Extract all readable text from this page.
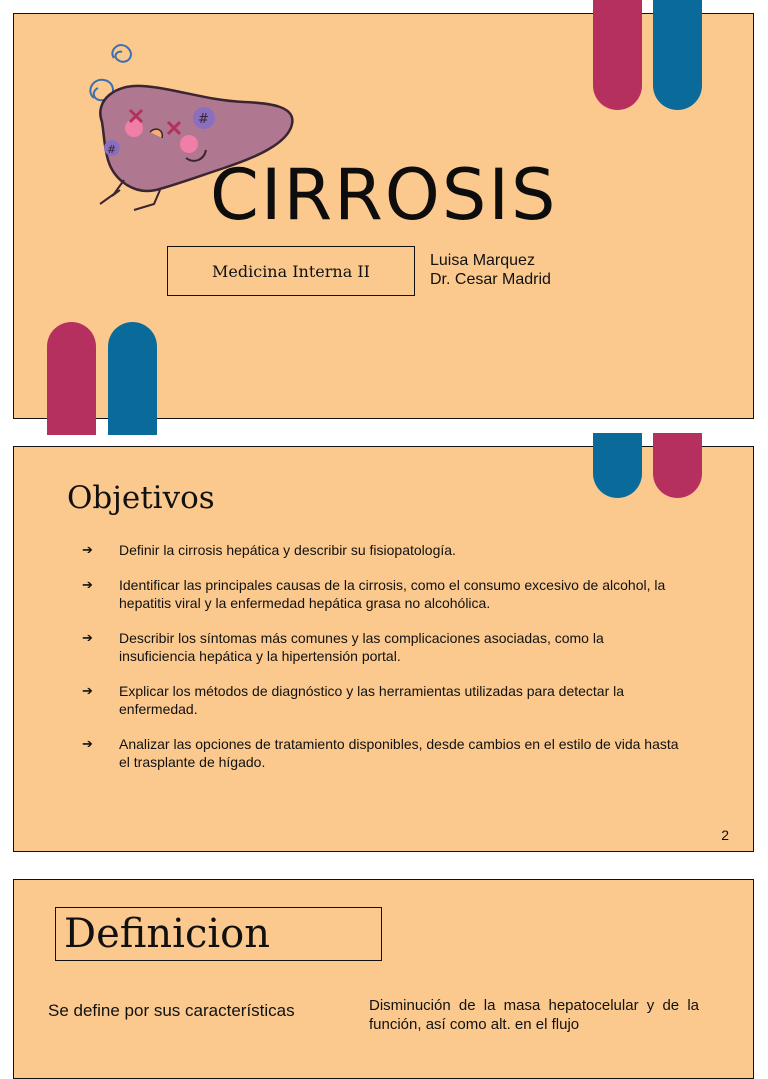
#
#
CIRROSIS
Medicina Interna II
Luisa Marquez
Dr. Cesar Madrid
Objetivos
➔ Definir la cirrosis hepática y describir su fisiopatología.
➔ Identificar las principales causas de la cirrosis, como el consumo excesivo de alcohol, la hepatitis viral y la enfermedad hepática grasa no alcohólica.
➔ Describir los síntomas más comunes y las complicaciones asociadas, como la insuficiencia hepática y la hipertensión portal.
➔ Explicar los métodos de diagnóstico y las herramientas utilizadas para detectar la enfermedad.
➔ Analizar las opciones de tratamiento disponibles, desde cambios en el estilo de vida hasta el trasplante de hígado.
2
Definicion
Se define por sus características	Disminución de la masa hepatocelular y de la función, así como alt. en el flujo
